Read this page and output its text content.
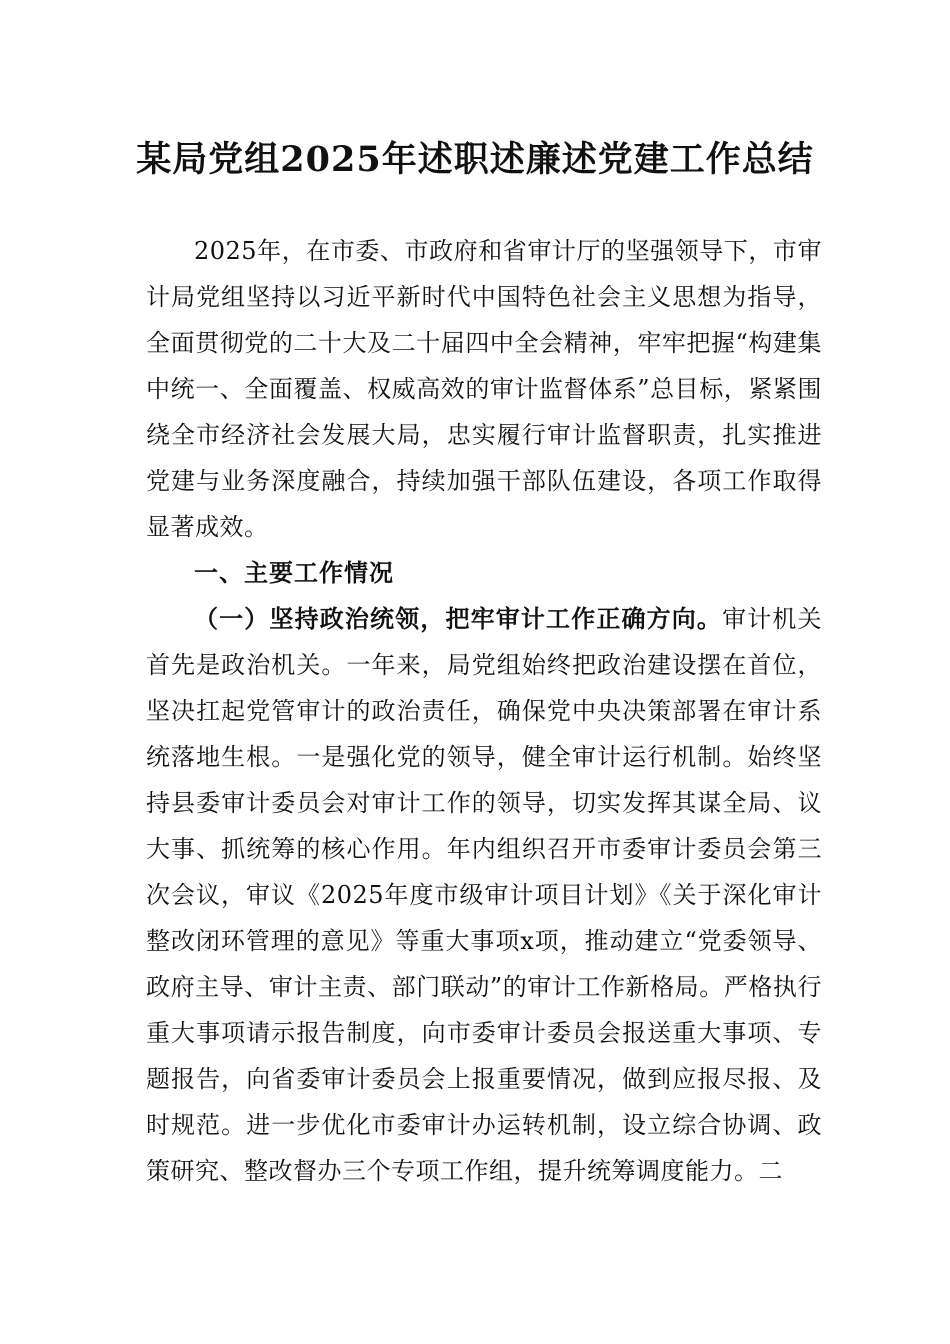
某局党组2025年述职述廉述党建工作总结

2025年，在市委、市政府和省审计厅的坚强领导下，市审计局党组坚持以习近平新时代中国特色社会主义思想为指导，全面贯彻党的二十大及二十届四中全会精神，牢牢把握“构建集中统一、全面覆盖、权威高效的审计监督体系”总目标，紧紧围绕全市经济社会发展大局，忠实履行审计监督职责，扎实推进党建与业务深度融合，持续加强干部队伍建设，各项工作取得显著成效。

一、主要工作情况

（一）坚持政治统领，把牢审计工作正确方向。审计机关首先是政治机关。一年来，局党组始终把政治建设摆在首位，坚决扛起党管审计的政治责任，确保党中央决策部署在审计系统落地生根。一是强化党的领导，健全审计运行机制。始终坚持县委审计委员会对审计工作的领导，切实发挥其谋全局、议大事、抓统筹的核心作用。年内组织召开市委审计委员会第三次会议，审议《2025年度市级审计项目计划》《关于深化审计整改闭环管理的意见》等重大事项x项，推动建立“党委领导、政府主导、审计主责、部门联动”的审计工作新格局。严格执行重大事项请示报告制度，向市委审计委员会报送重大事项、专题报告，向省委审计委员会上报重要情况，做到应报尽报、及时规范。进一步优化市委审计办运转机制，设立综合协调、政策研究、整改督办三个专项工作组，提升统筹调度能力。二
